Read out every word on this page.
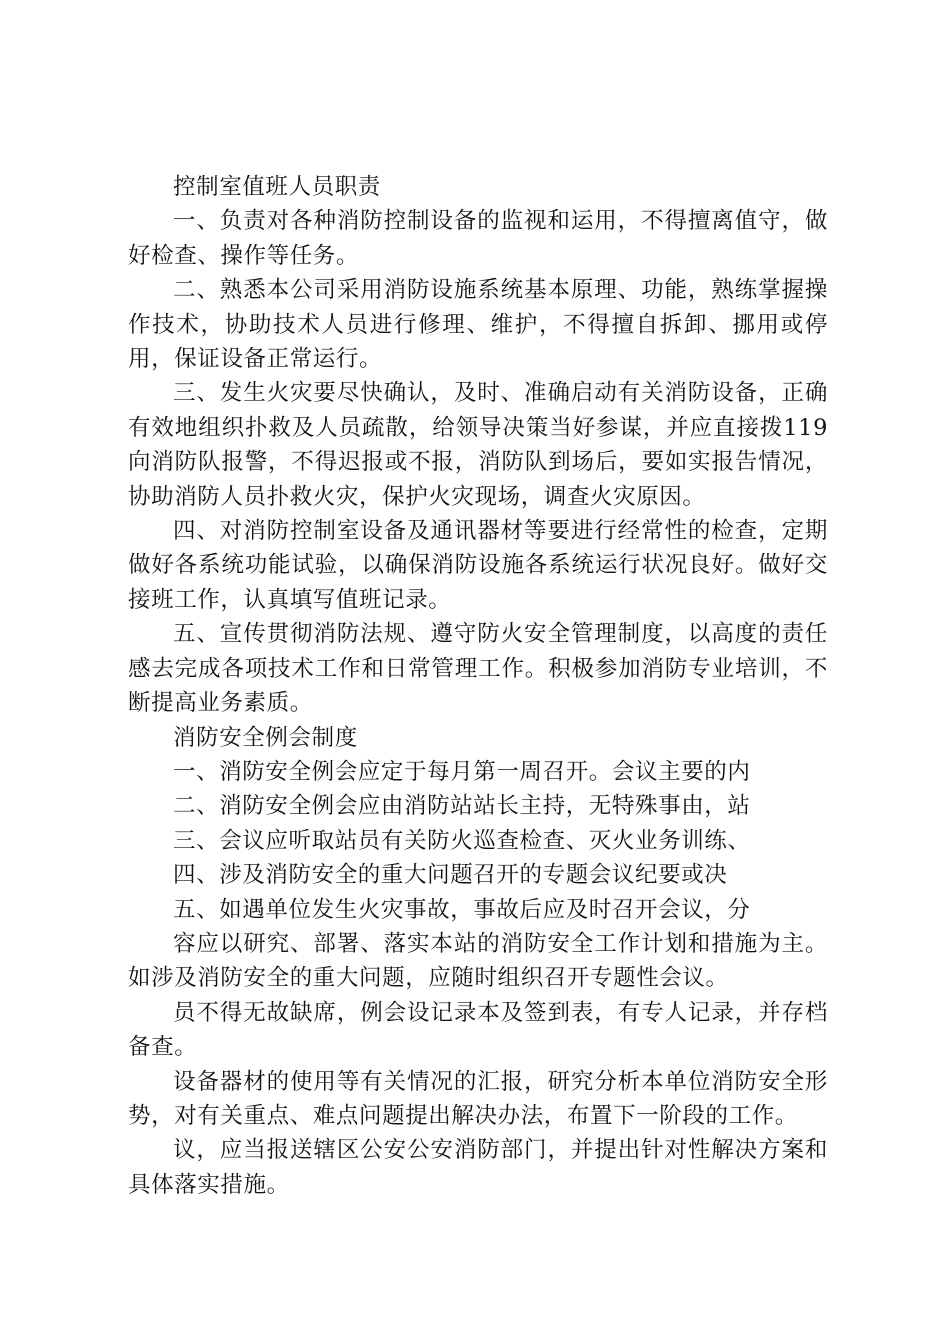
控制室值班人员职责

一、负责对各种消防控制设备的监视和运用，不得擅离值守，做好检查、操作等任务。

二、熟悉本公司采用消防设施系统基本原理、功能，熟练掌握操作技术，协助技术人员进行修理、维护，不得擅自拆卸、挪用或停用，保证设备正常运行。

三、发生火灾要尽快确认，及时、准确启动有关消防设备，正确有效地组织扑救及人员疏散，给领导决策当好参谋，并应直接拨119向消防队报警，不得迟报或不报，消防队到场后，要如实报告情况，协助消防人员扑救火灾，保护火灾现场，调查火灾原因。

四、对消防控制室设备及通讯器材等要进行经常性的检查，定期做好各系统功能试验，以确保消防设施各系统运行状况良好。做好交接班工作，认真填写值班记录。

五、宣传贯彻消防法规、遵守防火安全管理制度，以高度的责任感去完成各项技术工作和日常管理工作。积极参加消防专业培训，不断提高业务素质。

消防安全例会制度

一、消防安全例会应定于每月第一周召开。会议主要的内

二、消防安全例会应由消防站站长主持，无特殊事由，站

三、会议应听取站员有关防火巡查检查、灭火业务训练、

四、涉及消防安全的重大问题召开的专题会议纪要或决

五、如遇单位发生火灾事故，事故后应及时召开会议，分

容应以研究、部署、落实本站的消防安全工作计划和措施为主。如涉及消防安全的重大问题，应随时组织召开专题性会议。

员不得无故缺席，例会设记录本及签到表，有专人记录，并存档备查。

设备器材的使用等有关情况的汇报，研究分析本单位消防安全形势，对有关重点、难点问题提出解决办法，布置下一阶段的工作。

议，应当报送辖区公安公安消防部门，并提出针对性解决方案和具体落实措施。
